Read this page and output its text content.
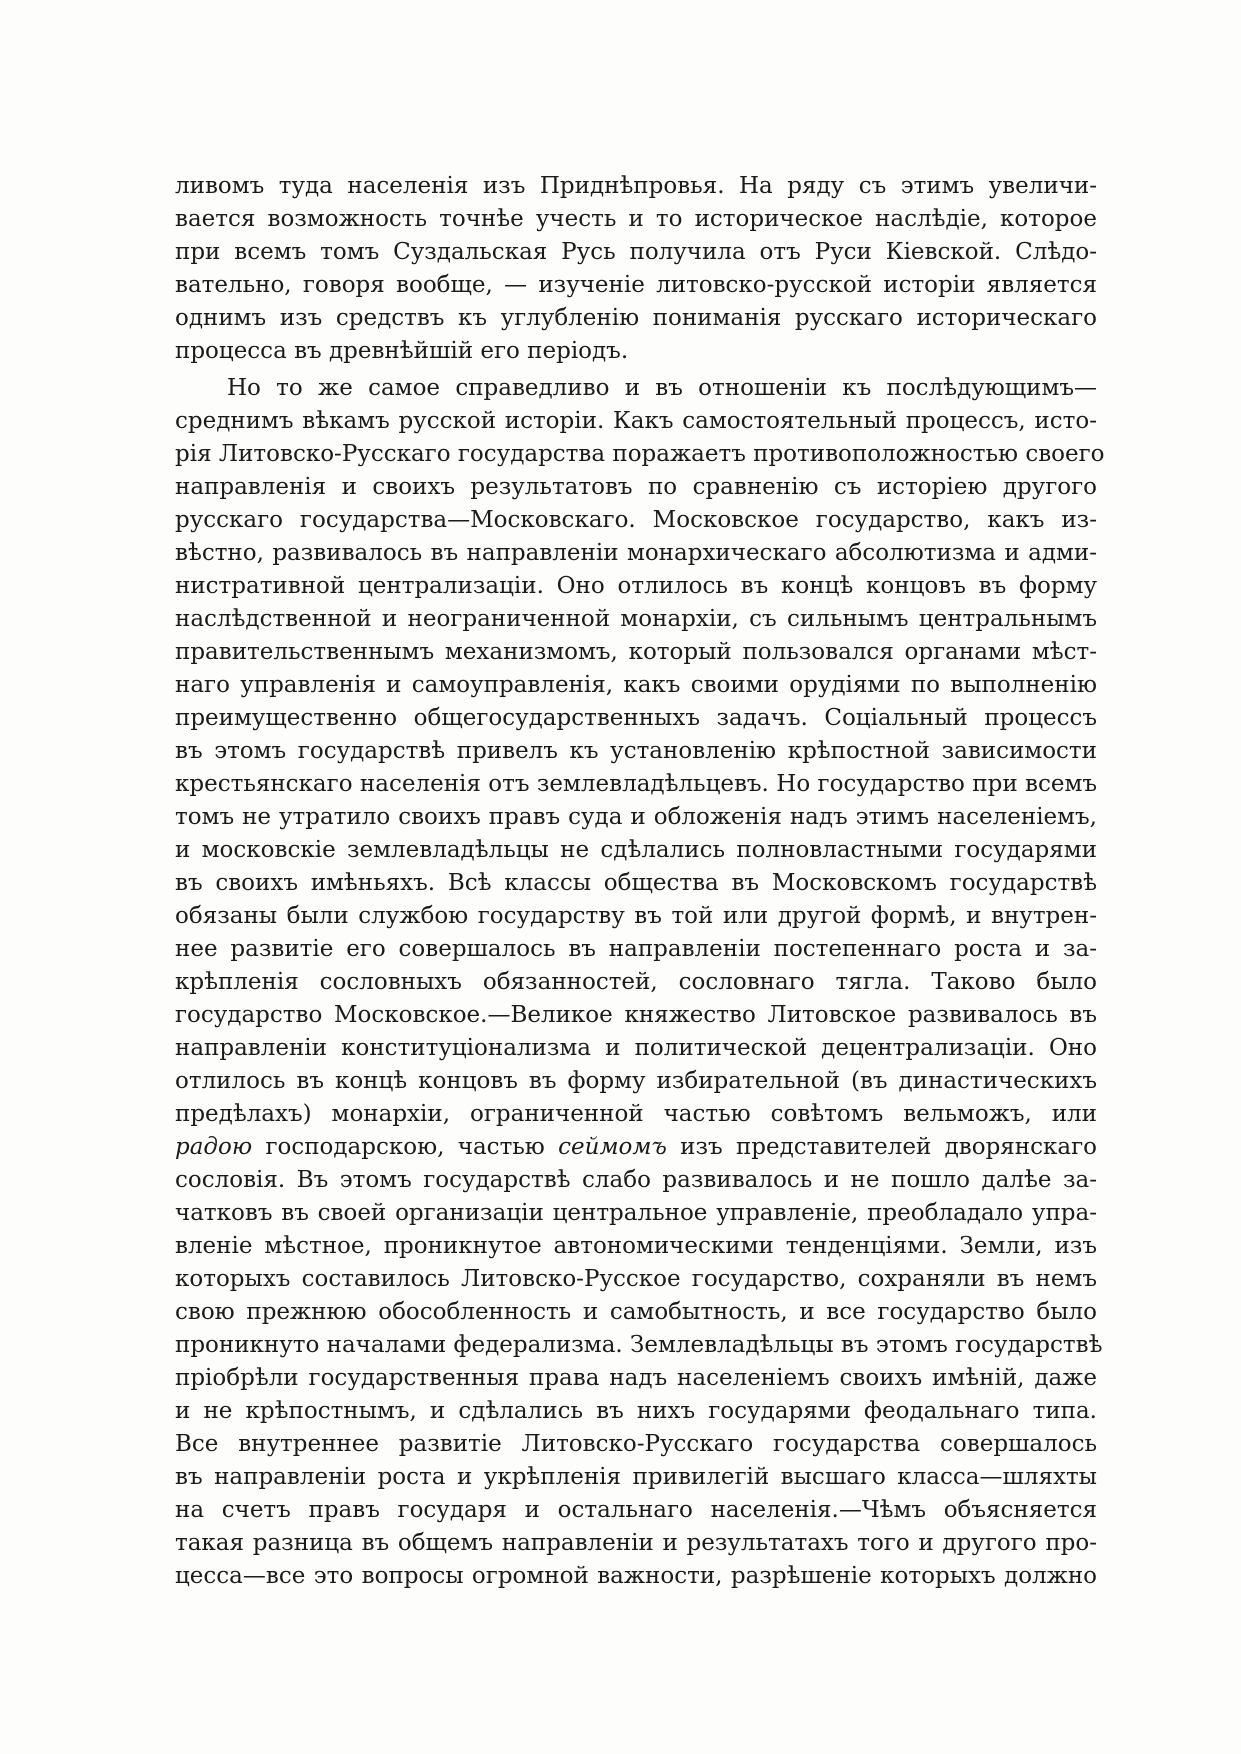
ливомъ туда населенія изъ Приднѣпровья. На ряду съ этимъ увеличи-
вается возможность точнѣе учесть и то историческое наслѣдіе, которое
при всемъ томъ Суздальская Русь получила отъ Руси Кіевской. Слѣдо-
вательно, говоря вообще, — изученіе литовско-русской исторіи является
однимъ изъ средствъ къ углубленію пониманія русскаго историческаго
процесса въ древнѣйшій его періодъ.
Но то же самое справедливо и въ отношеніи къ послѣдующимъ—
среднимъ вѣкамъ русской исторіи. Какъ самостоятельный процессъ, исто-
рія Литовско-Русскаго государства поражаетъ противоположностью своего
направленія и своихъ результатовъ по сравненію съ исторіею другого
русскаго государства—Московскаго. Московское государство, какъ из-
вѣстно, развивалось въ направленіи монархическаго абсолютизма и адми-
нистративной централизаціи. Оно отлилось въ концѣ концовъ въ форму
наслѣдственной и неограниченной монархіи, съ сильнымъ центральнымъ
правительственнымъ механизмомъ, который пользовался органами мѣст-
наго управленія и самоуправленія, какъ своими орудіями по выполненію
преимущественно общегосударственныхъ задачъ. Соціальный процессъ
въ этомъ государствѣ привелъ къ установленію крѣпостной зависимости
крестьянскаго населенія отъ землевладѣльцевъ. Но государство при всемъ
томъ не утратило своихъ правъ суда и обложенія надъ этимъ населеніемъ,
и московскіе землевладѣльцы не сдѣлались полновластными государями
въ своихъ имѣньяхъ. Всѣ классы общества въ Московскомъ государствѣ
обязаны были службою государству въ той или другой формѣ, и внутрен-
нее развитіе его совершалось въ направленіи постепеннаго роста и за-
крѣпленія сословныхъ обязанностей, сословнаго тягла. Таково было
государство Московское.—Великое княжество Литовское развивалось въ
направленіи конституціонализма и политической децентрализаціи. Оно
отлилось въ концѣ концовъ въ форму избирательной (въ династическихъ
предѣлахъ) монархіи, ограниченной частью совѣтомъ вельможъ, или
радою господарскою, частью сеймомъ изъ представителей дворянскаго
сословія. Въ этомъ государствѣ слабо развивалось и не пошло далѣе за-
чатковъ въ своей организаціи центральное управленіе, преобладало упра-
вленіе мѣстное, проникнутое автономическими тенденціями. Земли, изъ
которыхъ составилось Литовско-Русское государство, сохраняли въ немъ
свою прежнюю обособленность и самобытность, и все государство было
проникнуто началами федерализма. Землевладѣльцы въ этомъ государствѣ
пріобрѣли государственныя права надъ населеніемъ своихъ имѣній, даже
и не крѣпостнымъ, и сдѣлались въ нихъ государями феодальнаго типа.
Все внутреннее развитіе Литовско-Русскаго государства совершалось
въ направленіи роста и укрѣпленія привилегій высшаго класса—шляхты
на счетъ правъ государя и остальнаго населенія.—Чѣмъ объясняется
такая разница въ общемъ направленіи и результатахъ того и другого про-
цесса—все это вопросы огромной важности, разрѣшеніе которыхъ должно
